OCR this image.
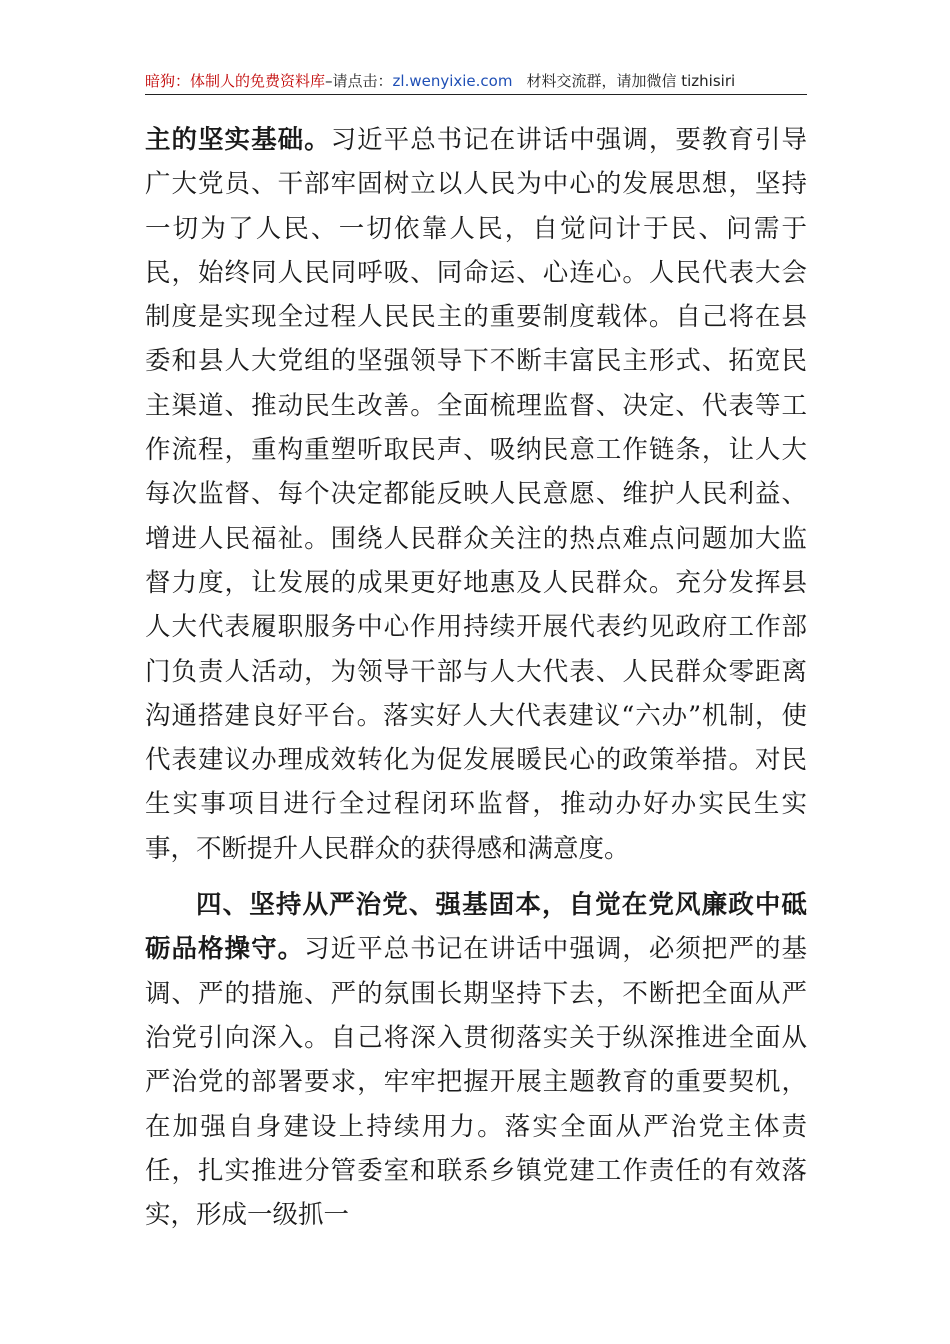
暗狗：体制人的免费资料库–请点击：zl.wenyixie.com 材料交流群，请加微信 tizhisiri

主的坚实基础。习近平总书记在讲话中强调，要教育引导广大党员、干部牢固树立以人民为中心的发展思想，坚持一切为了人民、一切依靠人民，自觉问计于民、问需于民，始终同人民同呼吸、同命运、心连心。人民代表大会制度是实现全过程人民民主的重要制度载体。自己将在县委和县人大党组的坚强领导下不断丰富民主形式、拓宽民主渠道、推动民生改善。全面梳理监督、决定、代表等工作流程，重构重塑听取民声、吸纳民意工作链条，让人大每次监督、每个决定都能反映人民意愿、维护人民利益、增进人民福祉。围绕人民群众关注的热点难点问题加大监督力度，让发展的成果更好地惠及人民群众。充分发挥县人大代表履职服务中心作用持续开展代表约见政府工作部门负责人活动，为领导干部与人大代表、人民群众零距离沟通搭建良好平台。落实好人大代表建议“六办”机制，使代表建议办理成效转化为促发展暖民心的政策举措。对民生实事项目进行全过程闭环监督，推动办好办实民生实事，不断提升人民群众的获得感和满意度。

四、坚持从严治党、强基固本，自觉在党风廉政中砥砺品格操守。习近平总书记在讲话中强调，必须把严的基调、严的措施、严的氛围长期坚持下去，不断把全面从严治党引向深入。自己将深入贯彻落实关于纵深推进全面从严治党的部署要求，牢牢把握开展主题教育的重要契机，在加强自身建设上持续用力。落实全面从严治党主体责任，扎实推进分管委室和联系乡镇党建工作责任的有效落实，形成一级抓一
